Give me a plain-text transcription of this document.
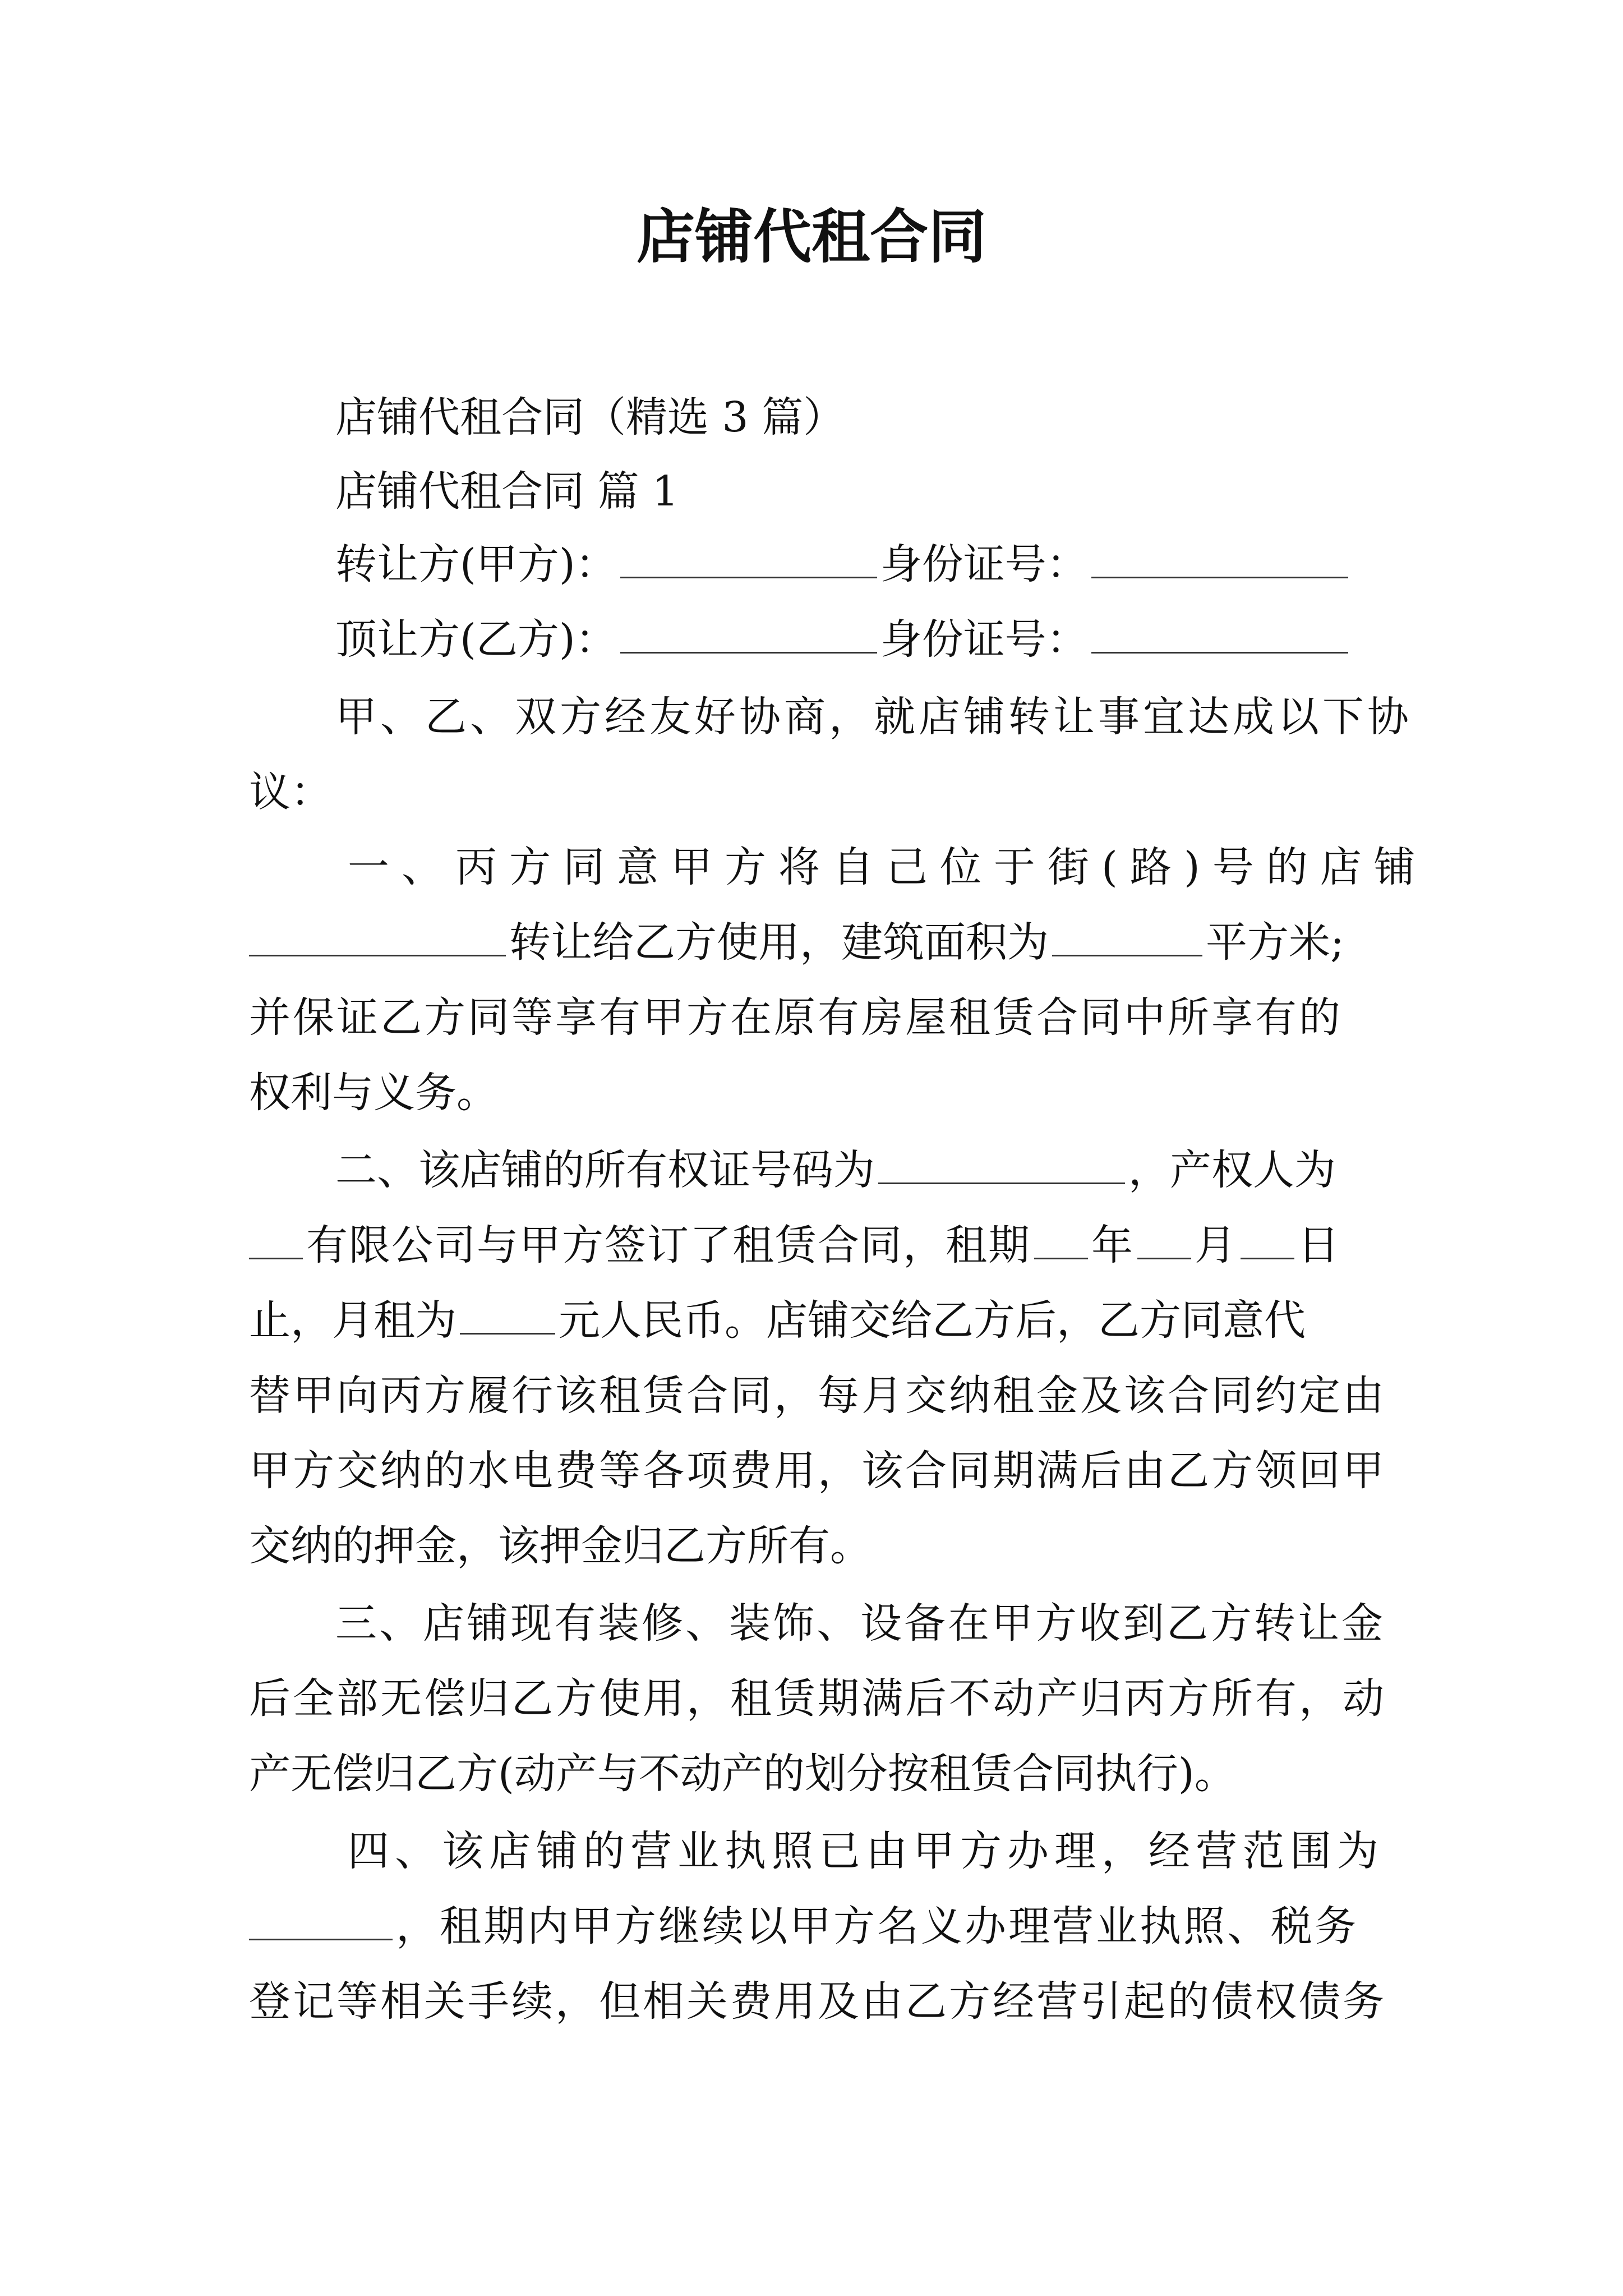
店铺代租合同
店铺代租合同（精选 3 篇）
店铺代租合同 篇 1
转让方(甲方)：	身份证号：
顶让方(乙方)：	身份证号：
甲、乙、双方经友好协商，就店铺转让事宜达成以下协
议：
一、丙方同意甲方将自己位于街(路)号的店铺
转让给乙方使用，建筑面积为	平方米;
并保证乙方同等享有甲方在原有房屋租赁合同中所享有的
权利与义务。
二、该店铺的所有权证号码为	，产权人为
有限公司与甲方签订了租赁合同，租期 年 月 日
止，月租为 元人民币。店铺交给乙方后，乙方同意代
替甲向丙方履行该租赁合同，每月交纳租金及该合同约定由
甲方交纳的水电费等各项费用，该合同期满后由乙方领回甲
交纳的押金，该押金归乙方所有。
三、店铺现有装修、装饰、设备在甲方收到乙方转让金
后全部无偿归乙方使用，租赁期满后不动产归丙方所有，动
产无偿归乙方(动产与不动产的划分按租赁合同执行)。
四、该店铺的营业执照已由甲方办理，经营范围为
，租期内甲方继续以甲方名义办理营业执照、税务
登记等相关手续，但相关费用及由乙方经营引起的债权债务
